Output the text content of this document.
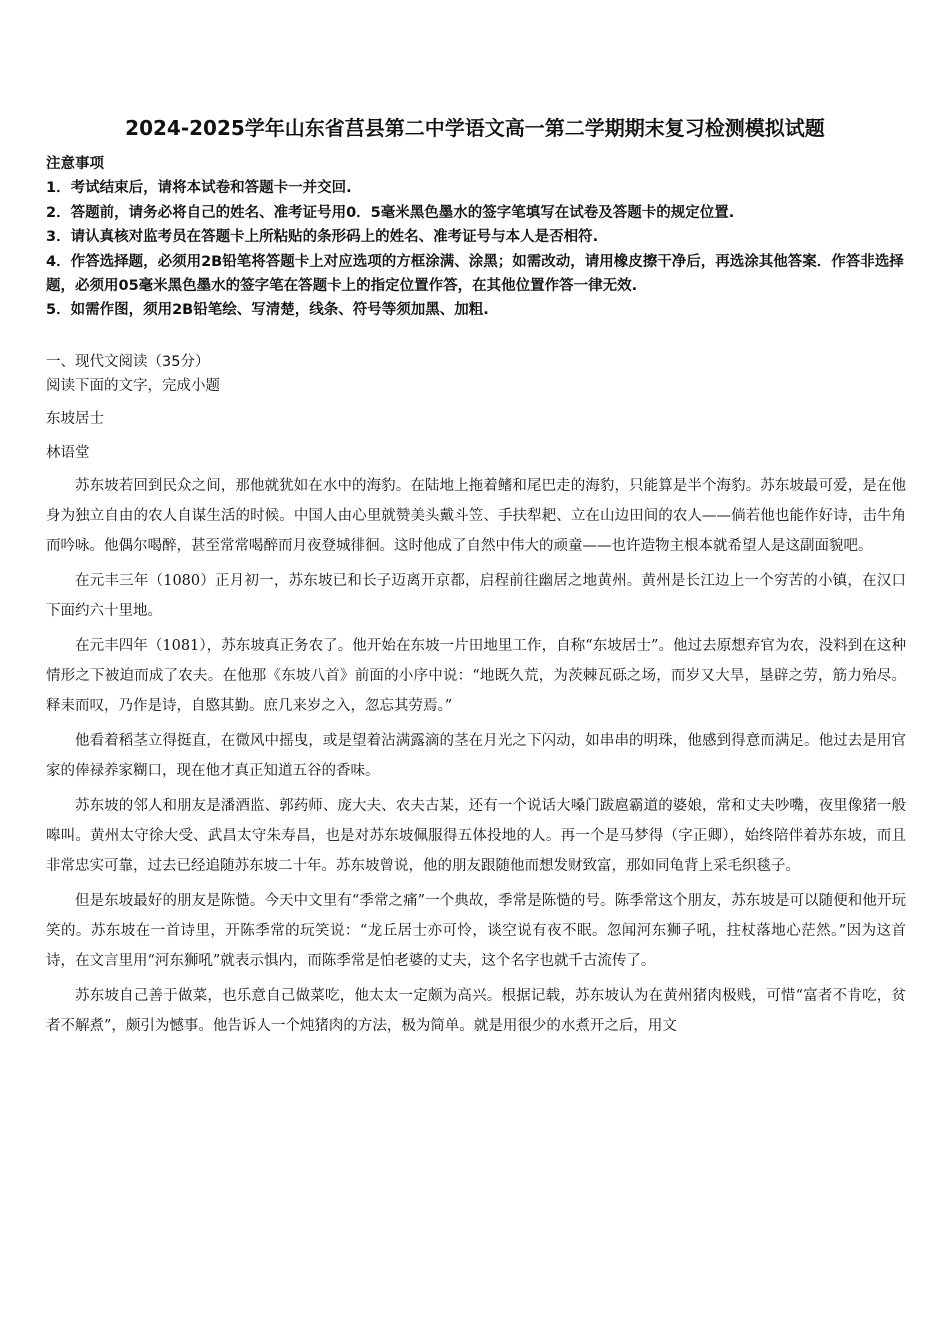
2024-2025学年山东省莒县第二中学语文高一第二学期期末复习检测模拟试题
注意事项
1．考试结束后，请将本试卷和答题卡一并交回.
2．答题前，请务必将自己的姓名、准考证号用0．5毫米黑色墨水的签字笔填写在试卷及答题卡的规定位置.
3．请认真核对监考员在答题卡上所粘贴的条形码上的姓名、准考证号与本人是否相符.
4．作答选择题，必须用2B铅笔将答题卡上对应选项的方框涂满、涂黑；如需改动，请用橡皮擦干净后，再选涂其他答案．作答非选择题，必须用05毫米黑色墨水的签字笔在答题卡上的指定位置作答，在其他位置作答一律无效.
5．如需作图，须用2B铅笔绘、写清楚，线条、符号等须加黑、加粗.
一、现代文阅读（35分）
阅读下面的文字，完成小题
东坡居士
林语堂

苏东坡若回到民众之间，那他就犹如在水中的海豹。在陆地上拖着鳍和尾巴走的海豹，只能算是半个海豹。苏东坡最可爱，是在他身为独立自由的农人自谋生活的时候。中国人由心里就赞美头戴斗笠、手扶犁耙、立在山边田间的农人——倘若他也能作好诗，击牛角而吟咏。他偶尔喝醉，甚至常常喝醉而月夜登城徘徊。这时他成了自然中伟大的顽童——也许造物主根本就希望人是这副面貌吧。

在元丰三年（1080）正月初一，苏东坡已和长子迈离开京都，启程前往幽居之地黄州。黄州是长江边上一个穷苦的小镇，在汉口下面约六十里地。

在元丰四年（1081），苏东坡真正务农了。他开始在东坡一片田地里工作，自称“东坡居士”。他过去原想弃官为农，没料到在这种情形之下被迫而成了农夫。在他那《东坡八首》前面的小序中说：“地既久荒，为茨棘瓦砾之场，而岁又大旱，垦辟之劳，筋力殆尽。释耒而叹，乃作是诗，自愍其勤。庶几来岁之入，忽忘其劳焉。”

他看着稻茎立得挺直，在微风中摇曳，或是望着沾满露滴的茎在月光之下闪动，如串串的明珠，他感到得意而满足。他过去是用官家的俸禄养家糊口，现在他才真正知道五谷的香味。

苏东坡的邻人和朋友是潘酒监、郭药师、庞大夫、农夫古某，还有一个说话大嗓门跋扈霸道的婆娘，常和丈夫吵嘴，夜里像猪一般嗥叫。黄州太守徐大受、武昌太守朱寿昌，也是对苏东坡佩服得五体投地的人。再一个是马梦得（字正卿），始终陪伴着苏东坡，而且非常忠实可靠，过去已经追随苏东坡二十年。苏东坡曾说，他的朋友跟随他而想发财致富，那如同龟背上采毛织毯子。

但是东坡最好的朋友是陈慥。今天中文里有“季常之痛”一个典故，季常是陈慥的号。陈季常这个朋友，苏东坡是可以随便和他开玩笑的。苏东坡在一首诗里，开陈季常的玩笑说：“龙丘居士亦可怜，谈空说有夜不眠。忽闻河东狮子吼，拄杖落地心茫然。”因为这首诗，在文言里用“河东狮吼”就表示惧内，而陈季常是怕老婆的丈夫，这个名字也就千古流传了。

苏东坡自己善于做菜，也乐意自己做菜吃，他太太一定颇为高兴。根据记载，苏东坡认为在黄州猪肉极贱，可惜“富者不肯吃，贫者不解煮”，颇引为憾事。他告诉人一个炖猪肉的方法，极为简单。就是用很少的水煮开之后，用文
